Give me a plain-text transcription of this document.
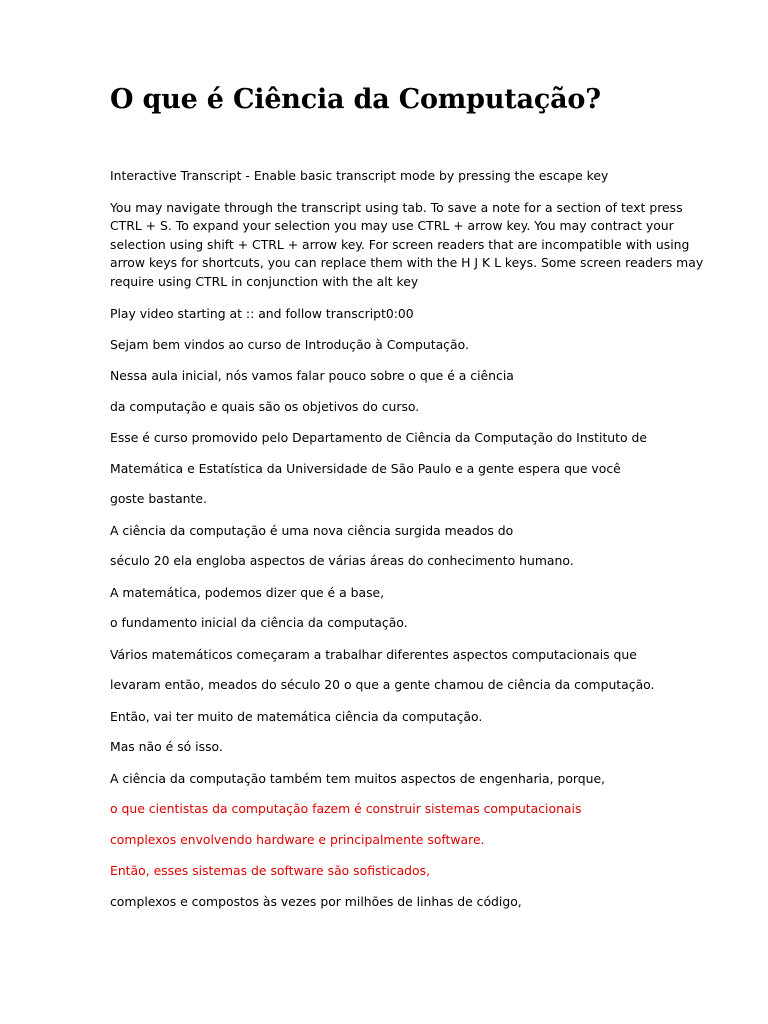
O que é Ciência da Computação?

Interactive Transcript - Enable basic transcript mode by pressing the escape key

You may navigate through the transcript using tab. To save a note for a section of text press
CTRL + S. To expand your selection you may use CTRL + arrow key. You may contract your
selection using shift + CTRL + arrow key. For screen readers that are incompatible with using
arrow keys for shortcuts, you can replace them with the H J K L keys. Some screen readers may
require using CTRL in conjunction with the alt key

Play video starting at :: and follow transcript0:00

Sejam bem vindos ao curso de Introdução à Computação.

Nessa aula inicial, nós vamos falar pouco sobre o que é a ciência

da computação e quais são os objetivos do curso.

Esse é curso promovido pelo Departamento de Ciência da Computação do Instituto de

Matemática e Estatística da Universidade de São Paulo e a gente espera que você

goste bastante.

A ciência da computação é uma nova ciência surgida meados do

século 20 ela engloba aspectos de várias áreas do conhecimento humano.

A matemática, podemos dizer que é a base,

o fundamento inicial da ciência da computação.

Vários matemáticos começaram a trabalhar diferentes aspectos computacionais que

levaram então, meados do século 20 o que a gente chamou de ciência da computação.

Então, vai ter muito de matemática ciência da computação.

Mas não é só isso.

A ciência da computação também tem muitos aspectos de engenharia, porque,

o que cientistas da computação fazem é construir sistemas computacionais

complexos envolvendo hardware e principalmente software.

Então, esses sistemas de software são sofisticados,

complexos e compostos às vezes por milhões de linhas de código,
